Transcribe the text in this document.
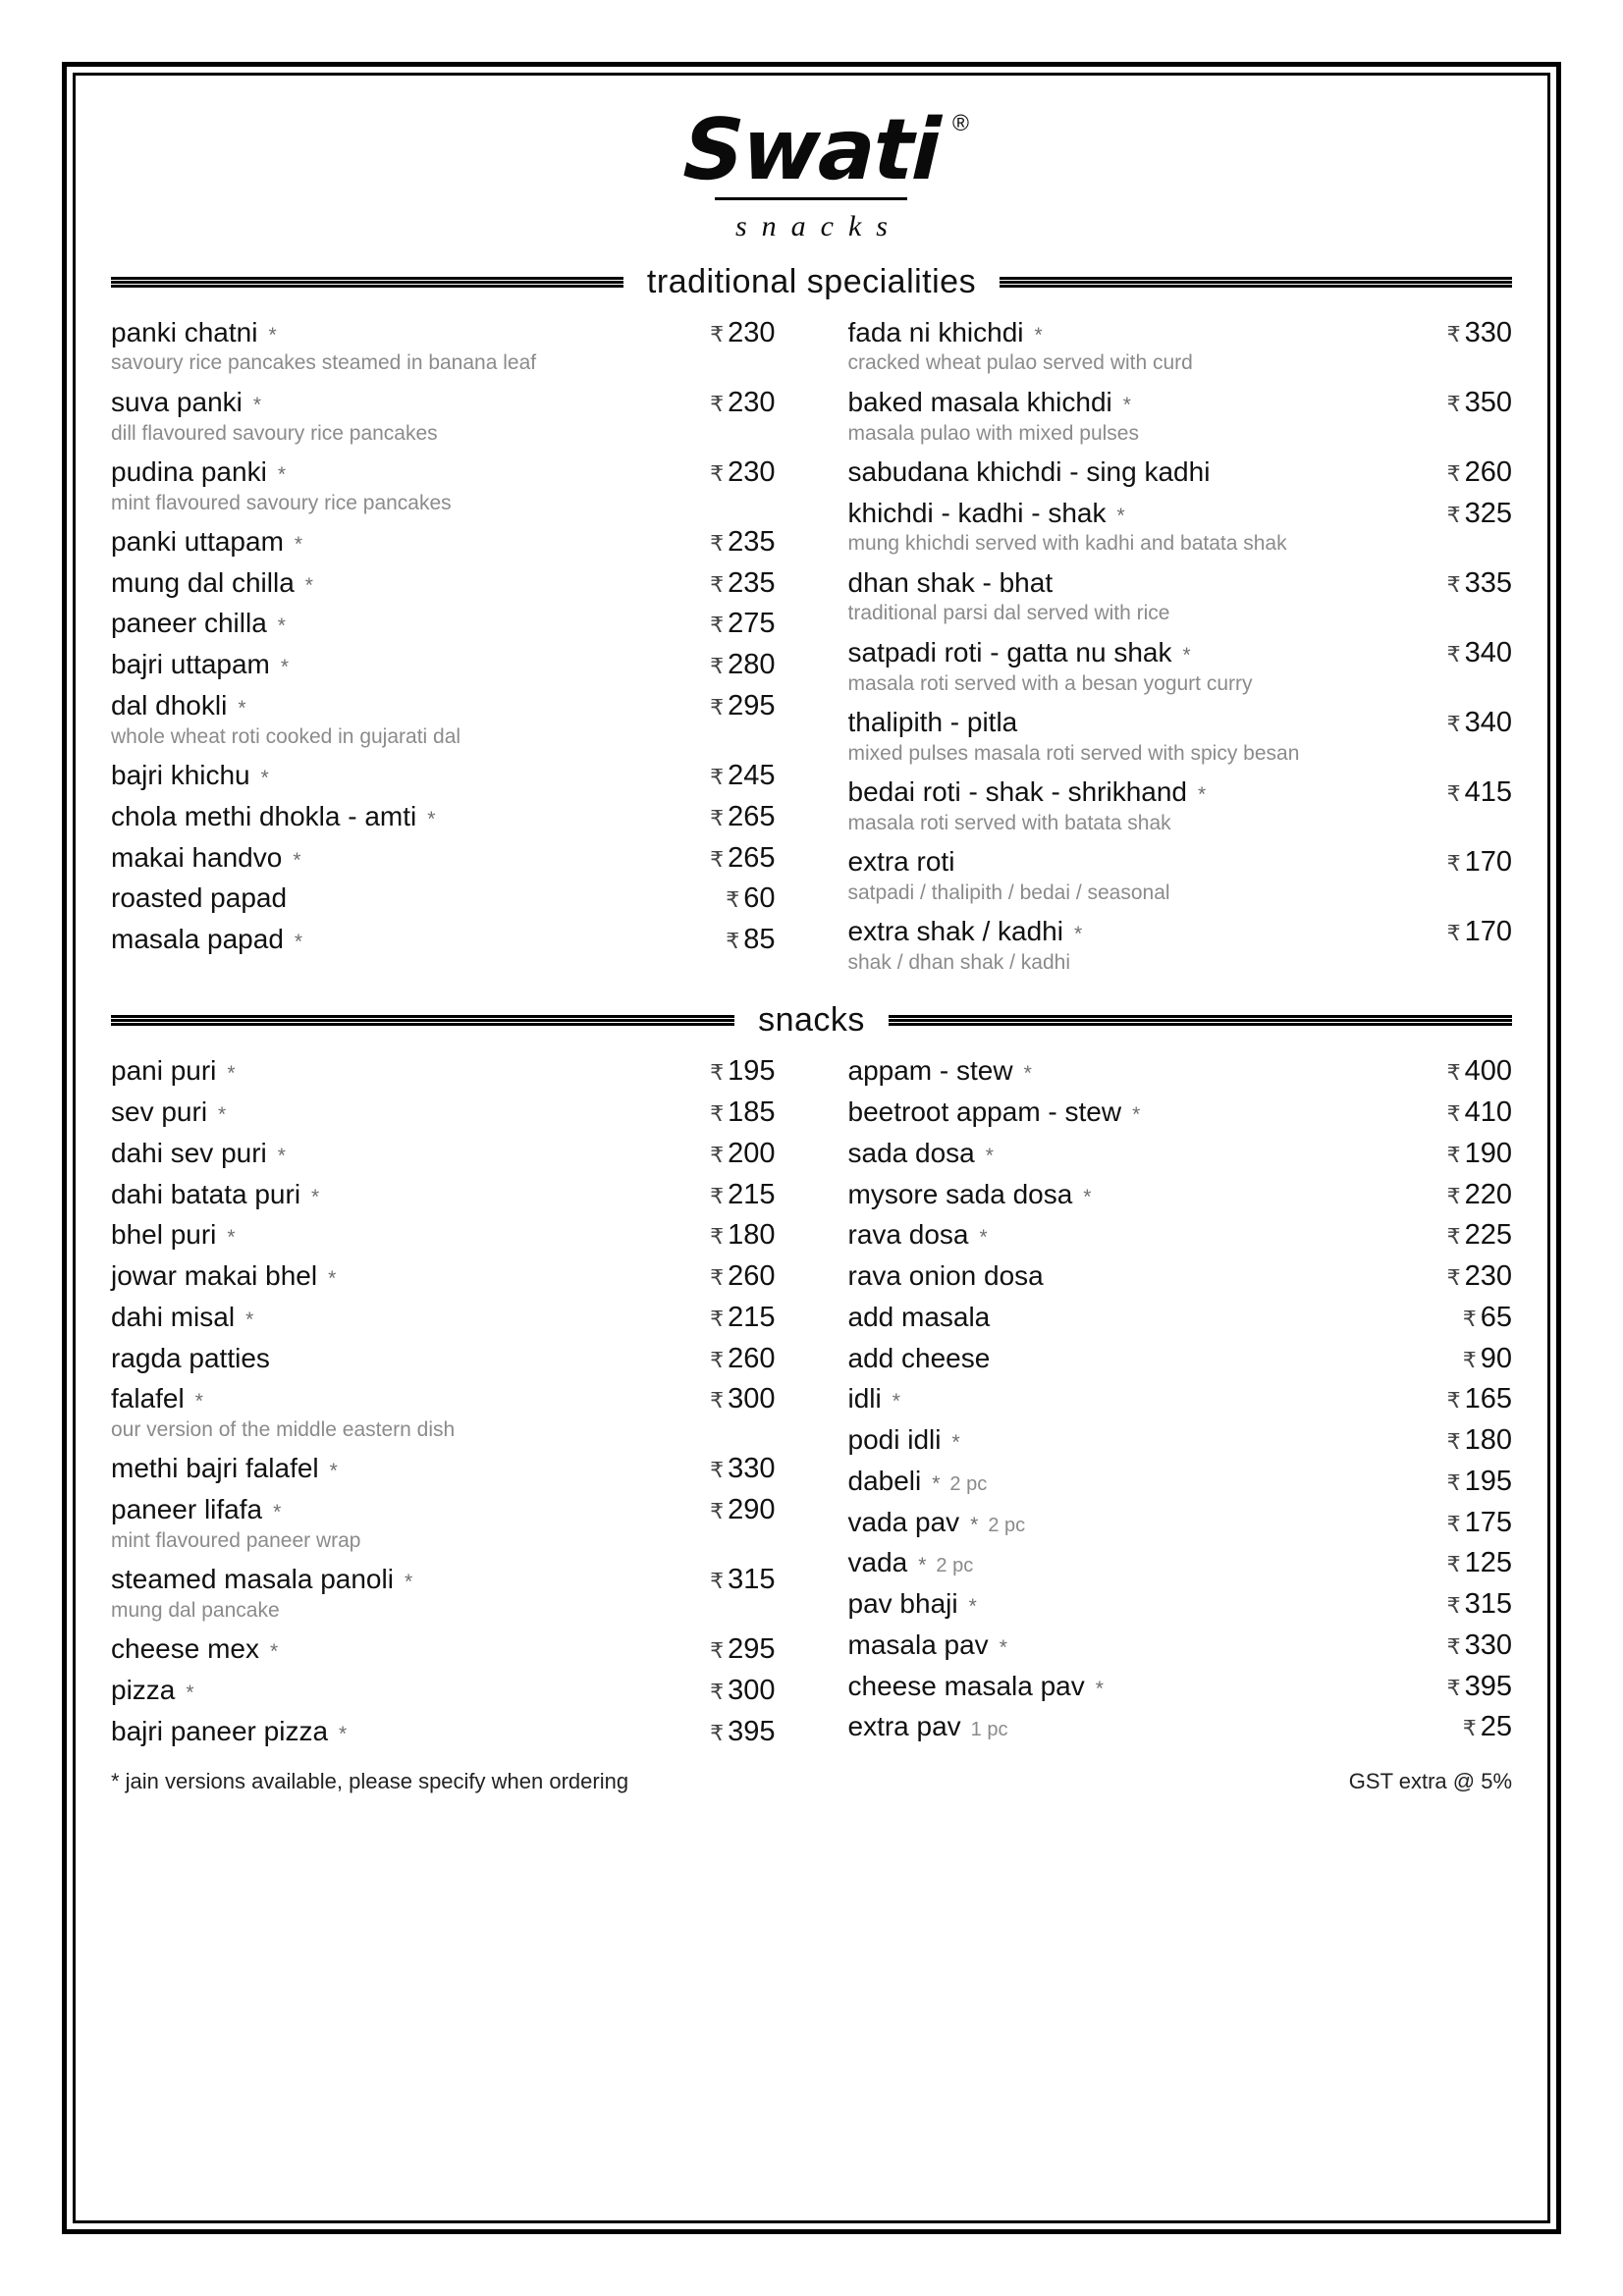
Swati ®
snacks
traditional specialities
panki chatni *	₹ 230
savoury rice pancakes steamed in banana leaf
suva panki *	₹ 230
dill flavoured savoury rice pancakes
pudina panki *	₹ 230
mint flavoured savoury rice pancakes
panki uttapam *	₹ 235
mung dal chilla *	₹ 235
paneer chilla *	₹ 275
bajri uttapam *	₹ 280
dal dhokli *	₹ 295
whole wheat roti cooked in gujarati dal
bajri khichu *	₹ 245
chola methi dhokla - amti *	₹ 265
makai handvo *	₹ 265
roasted papad	₹ 60
masala papad *	₹ 85
fada ni khichdi *	₹ 330
cracked wheat pulao served with curd
baked masala khichdi *	₹ 350
masala pulao with mixed pulses
sabudana khichdi - sing kadhi	₹ 260
khichdi - kadhi - shak *	₹ 325
mung khichdi served with kadhi and batata shak
dhan shak - bhat	₹ 335
traditional parsi dal served with rice
satpadi roti - gatta nu shak *	₹ 340
masala roti served with a besan yogurt curry
thalipith - pitla	₹ 340
mixed pulses masala roti served with spicy besan
bedai roti - shak - shrikhand *	₹ 415
masala roti served with batata shak
extra roti	₹ 170
satpadi / thalipith / bedai / seasonal
extra shak / kadhi *	₹ 170
shak / dhan shak / kadhi
snacks
pani puri *	₹ 195
sev puri *	₹ 185
dahi sev puri *	₹ 200
dahi batata puri *	₹ 215
bhel puri *	₹ 180
jowar makai bhel *	₹ 260
dahi misal *	₹ 215
ragda patties	₹ 260
falafel *	₹ 300
our version of the middle eastern dish
methi bajri falafel *	₹ 330
paneer lifafa *	₹ 290
mint flavoured paneer wrap
steamed masala panoli *	₹ 315
mung dal pancake
cheese mex *	₹ 295
pizza *	₹ 300
bajri paneer pizza *	₹ 395
appam - stew *	₹ 400
beetroot appam - stew *	₹ 410
sada dosa *	₹ 190
mysore sada dosa *	₹ 220
rava dosa *	₹ 225
rava onion dosa	₹ 230
add masala	₹ 65
add cheese	₹ 90
idli *	₹ 165
podi idli *	₹ 180
dabeli * 2 pc	₹ 195
vada pav * 2 pc	₹ 175
vada * 2 pc	₹ 125
pav bhaji *	₹ 315
masala pav *	₹ 330
cheese masala pav *	₹ 395
extra pav 1 pc	₹ 25
* jain versions available, please specify when ordering	GST extra @ 5%
